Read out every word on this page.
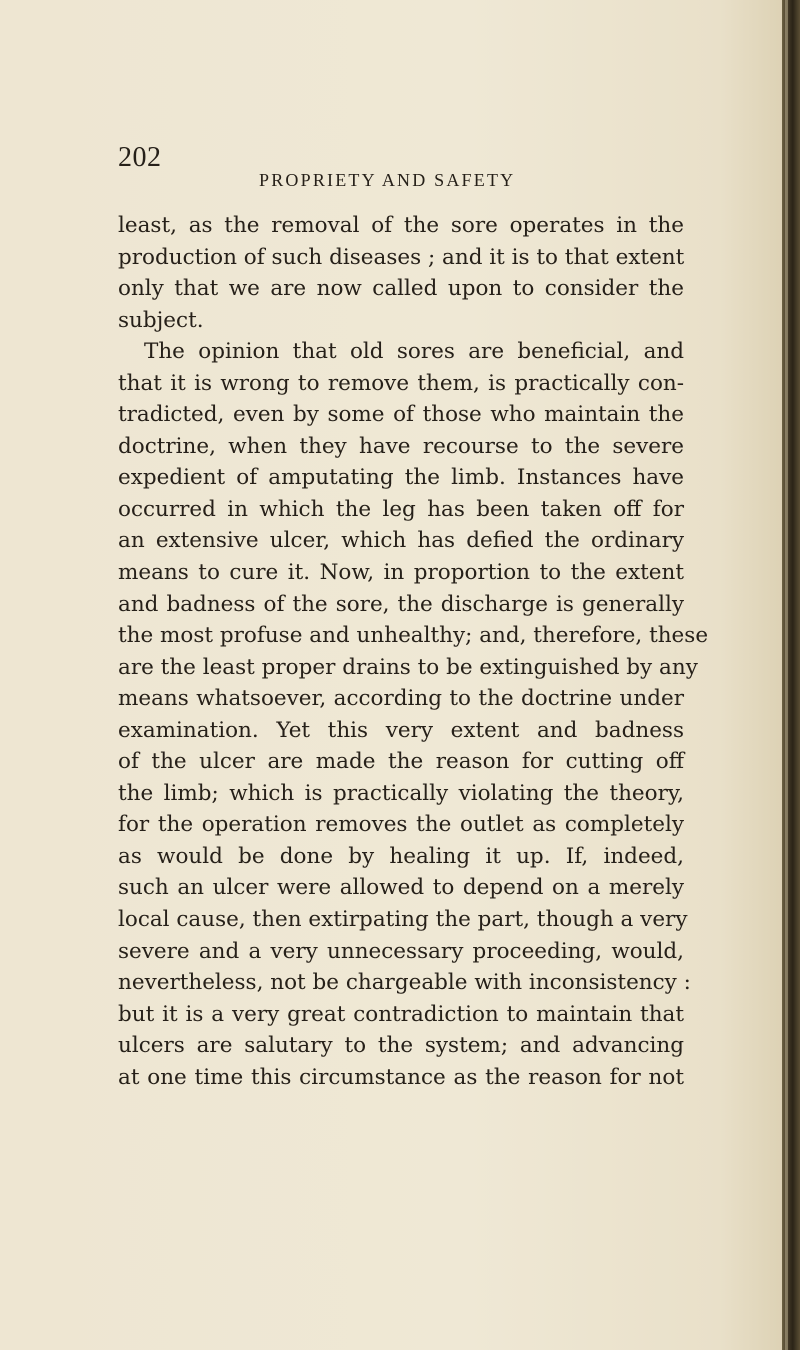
202
PROPRIETY AND SAFETY
least, as the removal of the sore operates in the
production of such diseases ; and it is to that extent
only that we are now called upon to consider the
subject.
The opinion that old sores are beneficial, and
that it is wrong to remove them, is practically con-
tradicted, even by some of those who maintain the
doctrine, when they have recourse to the severe
expedient of amputating the limb. Instances have
occurred in which the leg has been taken off for
an extensive ulcer, which has defied the ordinary
means to cure it. Now, in proportion to the extent
and badness of the sore, the discharge is generally
the most profuse and unhealthy; and, therefore, these
are the least proper drains to be extinguished by any
means whatsoever, according to the doctrine under
examination. Yet this very extent and badness
of the ulcer are made the reason for cutting off
the limb; which is practically violating the theory,
for the operation removes the outlet as completely
as would be done by healing it up. If, indeed,
such an ulcer were allowed to depend on a merely
local cause, then extirpating the part, though a very
severe and a very unnecessary proceeding, would,
nevertheless, not be chargeable with inconsistency :
but it is a very great contradiction to maintain that
ulcers are salutary to the system; and advancing
at one time this circumstance as the reason for not
